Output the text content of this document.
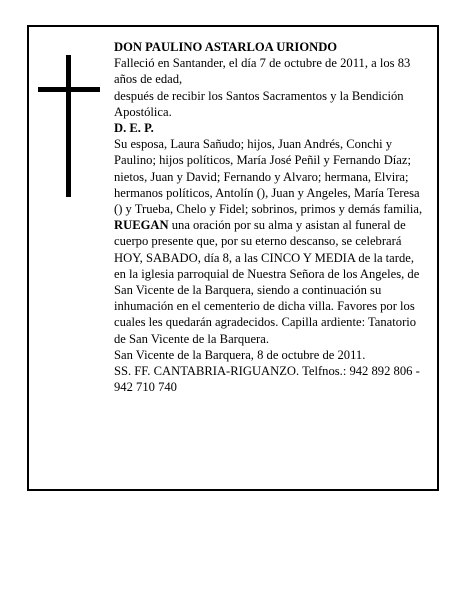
DON PAULINO ASTARLOA URIONDO

Falleció en Santander, el día 7 de octubre de 2011, a los 83 años de edad,

después de recibir los Santos Sacramentos y la Bendición Apostólica.

D. E. P.

Su esposa, Laura Sañudo; hijos, Juan Andrés, Conchi y Paulino; hijos políticos, María José Peñil y Fernando Díaz; nietos, Juan y David; Fernando y Alvaro; hermana, Elvira; hermanos políticos, Antolín (), Juan y Angeles, María Teresa () y Trueba, Chelo y Fidel; sobrinos, primos y demás familia,

RUEGAN una oración por su alma y asistan al funeral de cuerpo presente que, por su eterno descanso, se celebrará HOY, SABADO, día 8, a las CINCO Y MEDIA de la tarde, en la iglesia parroquial de Nuestra Señora de los Angeles, de San Vicente de la Barquera, siendo a continuación su inhumación en el cementerio de dicha villa. Favores por los cuales les quedarán agradecidos. Capilla ardiente: Tanatorio de San Vicente de la Barquera.

San Vicente de la Barquera, 8 de octubre de 2011.

SS. FF. CANTABRIA-RIGUANZO. Telfnos.: 942 892 806 - 942 710 740
